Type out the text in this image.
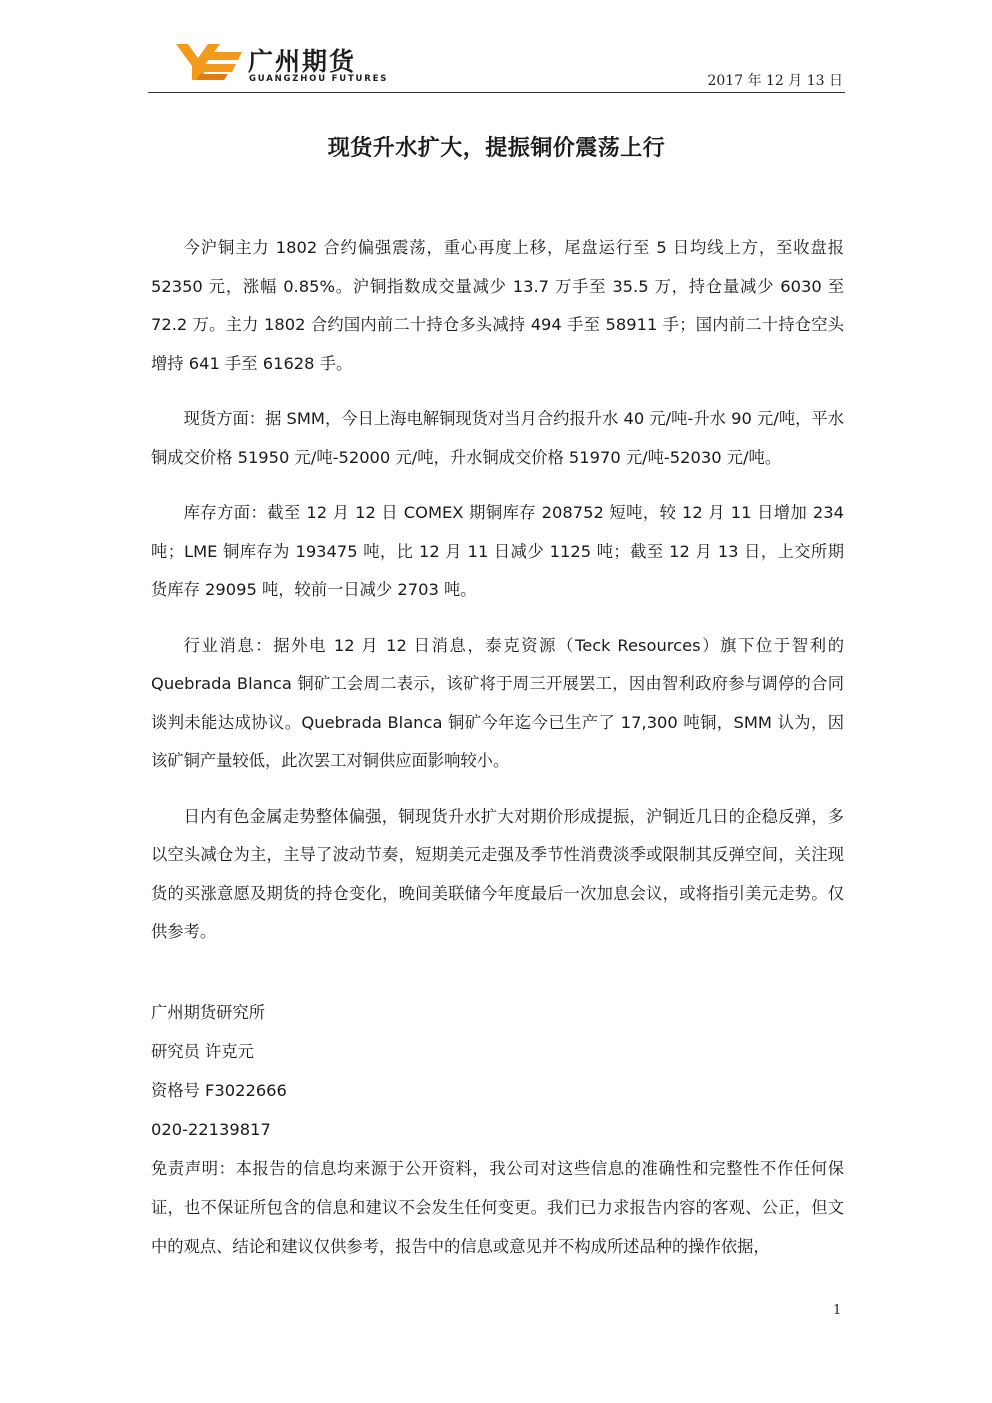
广州期货
GUANGZHOU FUTURES	2017 年 12 月 13 日
现货升水扩大，提振铜价震荡上行

今沪铜主力 1802 合约偏强震荡，重心再度上移，尾盘运行至 5 日均线上方，至收盘报 52350 元，涨幅 0.85%。沪铜指数成交量减少 13.7 万手至 35.5 万，持仓量减少 6030 至 72.2 万。主力 1802 合约国内前二十持仓多头减持 494 手至 58911 手；国内前二十持仓空头增持 641 手至 61628 手。

现货方面：据 SMM，今日上海电解铜现货对当月合约报升水 40 元/吨-升水 90 元/吨，平水铜成交价格 51950 元/吨-52000 元/吨，升水铜成交价格 51970 元/吨-52030 元/吨。

库存方面：截至 12 月 12 日 COMEX 期铜库存 208752 短吨，较 12 月 11 日增加 234 吨；LME 铜库存为 193475 吨，比 12 月 11 日减少 1125 吨；截至 12 月 13 日，上交所期货库存 29095 吨，较前一日减少 2703 吨。

行业消息：据外电 12 月 12 日消息，泰克资源（Teck Resources）旗下位于智利的 Quebrada Blanca 铜矿工会周二表示，该矿将于周三开展罢工，因由智利政府参与调停的合同谈判未能达成协议。Quebrada Blanca 铜矿今年迄今已生产了 17,300 吨铜，SMM 认为，因该矿铜产量较低，此次罢工对铜供应面影响较小。

日内有色金属走势整体偏强，铜现货升水扩大对期价形成提振，沪铜近几日的企稳反弹，多以空头减仓为主，主导了波动节奏，短期美元走强及季节性消费淡季或限制其反弹空间，关注现货的买涨意愿及期货的持仓变化，晚间美联储今年度最后一次加息会议，或将指引美元走势。仅供参考。

广州期货研究所

研究员 许克元

资格号 F3022666

020-22139817

免责声明：本报告的信息均来源于公开资料，我公司对这些信息的准确性和完整性不作任何保证，也不保证所包含的信息和建议不会发生任何变更。我们已力求报告内容的客观、公正，但文中的观点、结论和建议仅供参考，报告中的信息或意见并不构成所述品种的操作依据，

1
